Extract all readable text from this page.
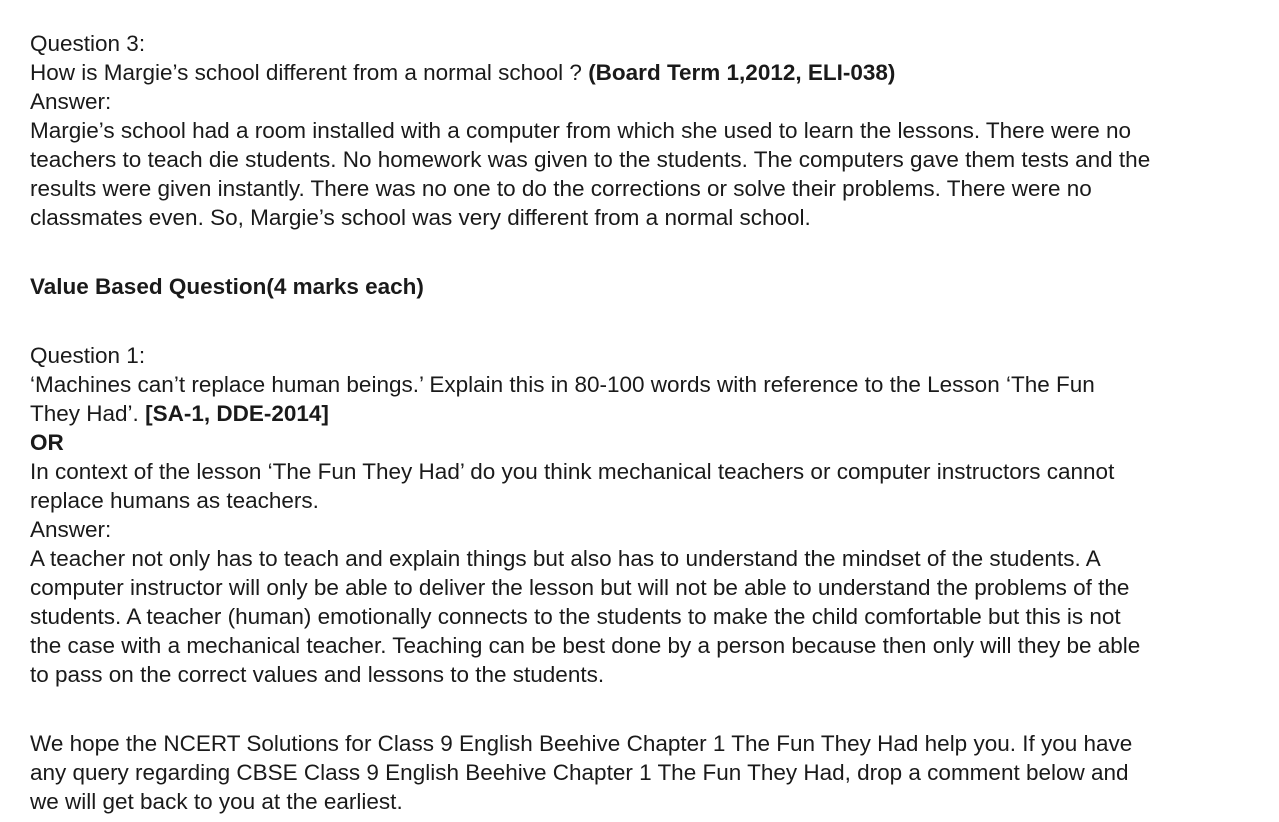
Question 3:
How is Margie’s school different from a normal school ? (Board Term 1,2012, ELI-038)
Answer:
Margie’s school had a room installed with a computer from which she used to learn the lessons. There were no
teachers to teach die students. No homework was given to the students. The computers gave them tests and the
results were given instantly. There was no one to do the corrections or solve their problems. There were no
classmates even. So, Margie’s school was very different from a normal school.
Value Based Question(4 marks each)
Question 1:
‘Machines can’t replace human beings.’ Explain this in 80-100 words with reference to the Lesson ‘The Fun
They Had’. [SA-1, DDE-2014]
OR
In context of the lesson ‘The Fun They Had’ do you think mechanical teachers or computer instructors cannot
replace humans as teachers.
Answer:
A teacher not only has to teach and explain things but also has to understand the mindset of the students. A
computer instructor will only be able to deliver the lesson but will not be able to understand the problems of the
students. A teacher (human) emotionally connects to the students to make the child comfortable but this is not
the case with a mechanical teacher. Teaching can be best done by a person because then only will they be able
to pass on the correct values and lessons to the students.
We hope the NCERT Solutions for Class 9 English Beehive Chapter 1 The Fun They Had help you. If you have
any query regarding CBSE Class 9 English Beehive Chapter 1 The Fun They Had, drop a comment below and
we will get back to you at the earliest.
